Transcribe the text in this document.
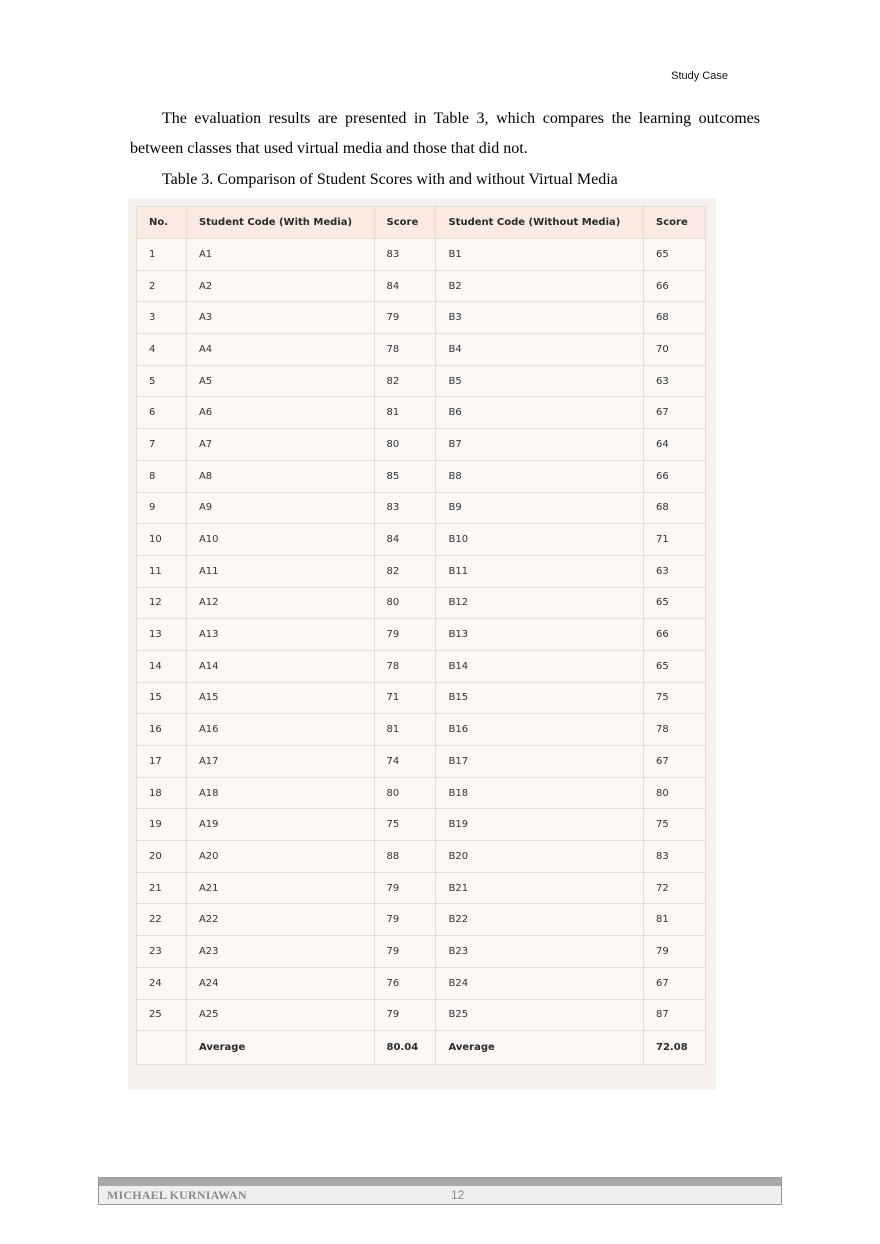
Study Case

The evaluation results are presented in Table 3, which compares the learning outcomes between classes that used virtual media and those that did not.

Table 3. Comparison of Student Scores with and without Virtual Media
No.	Student Code (With Media)	Score	Student Code (Without Media)	Score
1	A1	83	B1	65
2	A2	84	B2	66
3	A3	79	B3	68
4	A4	78	B4	70
5	A5	82	B5	63
6	A6	81	B6	67
7	A7	80	B7	64
8	A8	85	B8	66
9	A9	83	B9	68
10	A10	84	B10	71
11	A11	82	B11	63
12	A12	80	B12	65
13	A13	79	B13	66
14	A14	78	B14	65
15	A15	71	B15	75
16	A16	81	B16	78
17	A17	74	B17	67
18	A18	80	B18	80
19	A19	75	B19	75
20	A20	88	B20	83
21	A21	79	B21	72
22	A22	79	B22	81
23	A23	79	B23	79
24	A24	76	B24	67
25	A25	79	B25	87
	Average	80.04	Average	72.08
MICHAEL KURNIAWAN	12
